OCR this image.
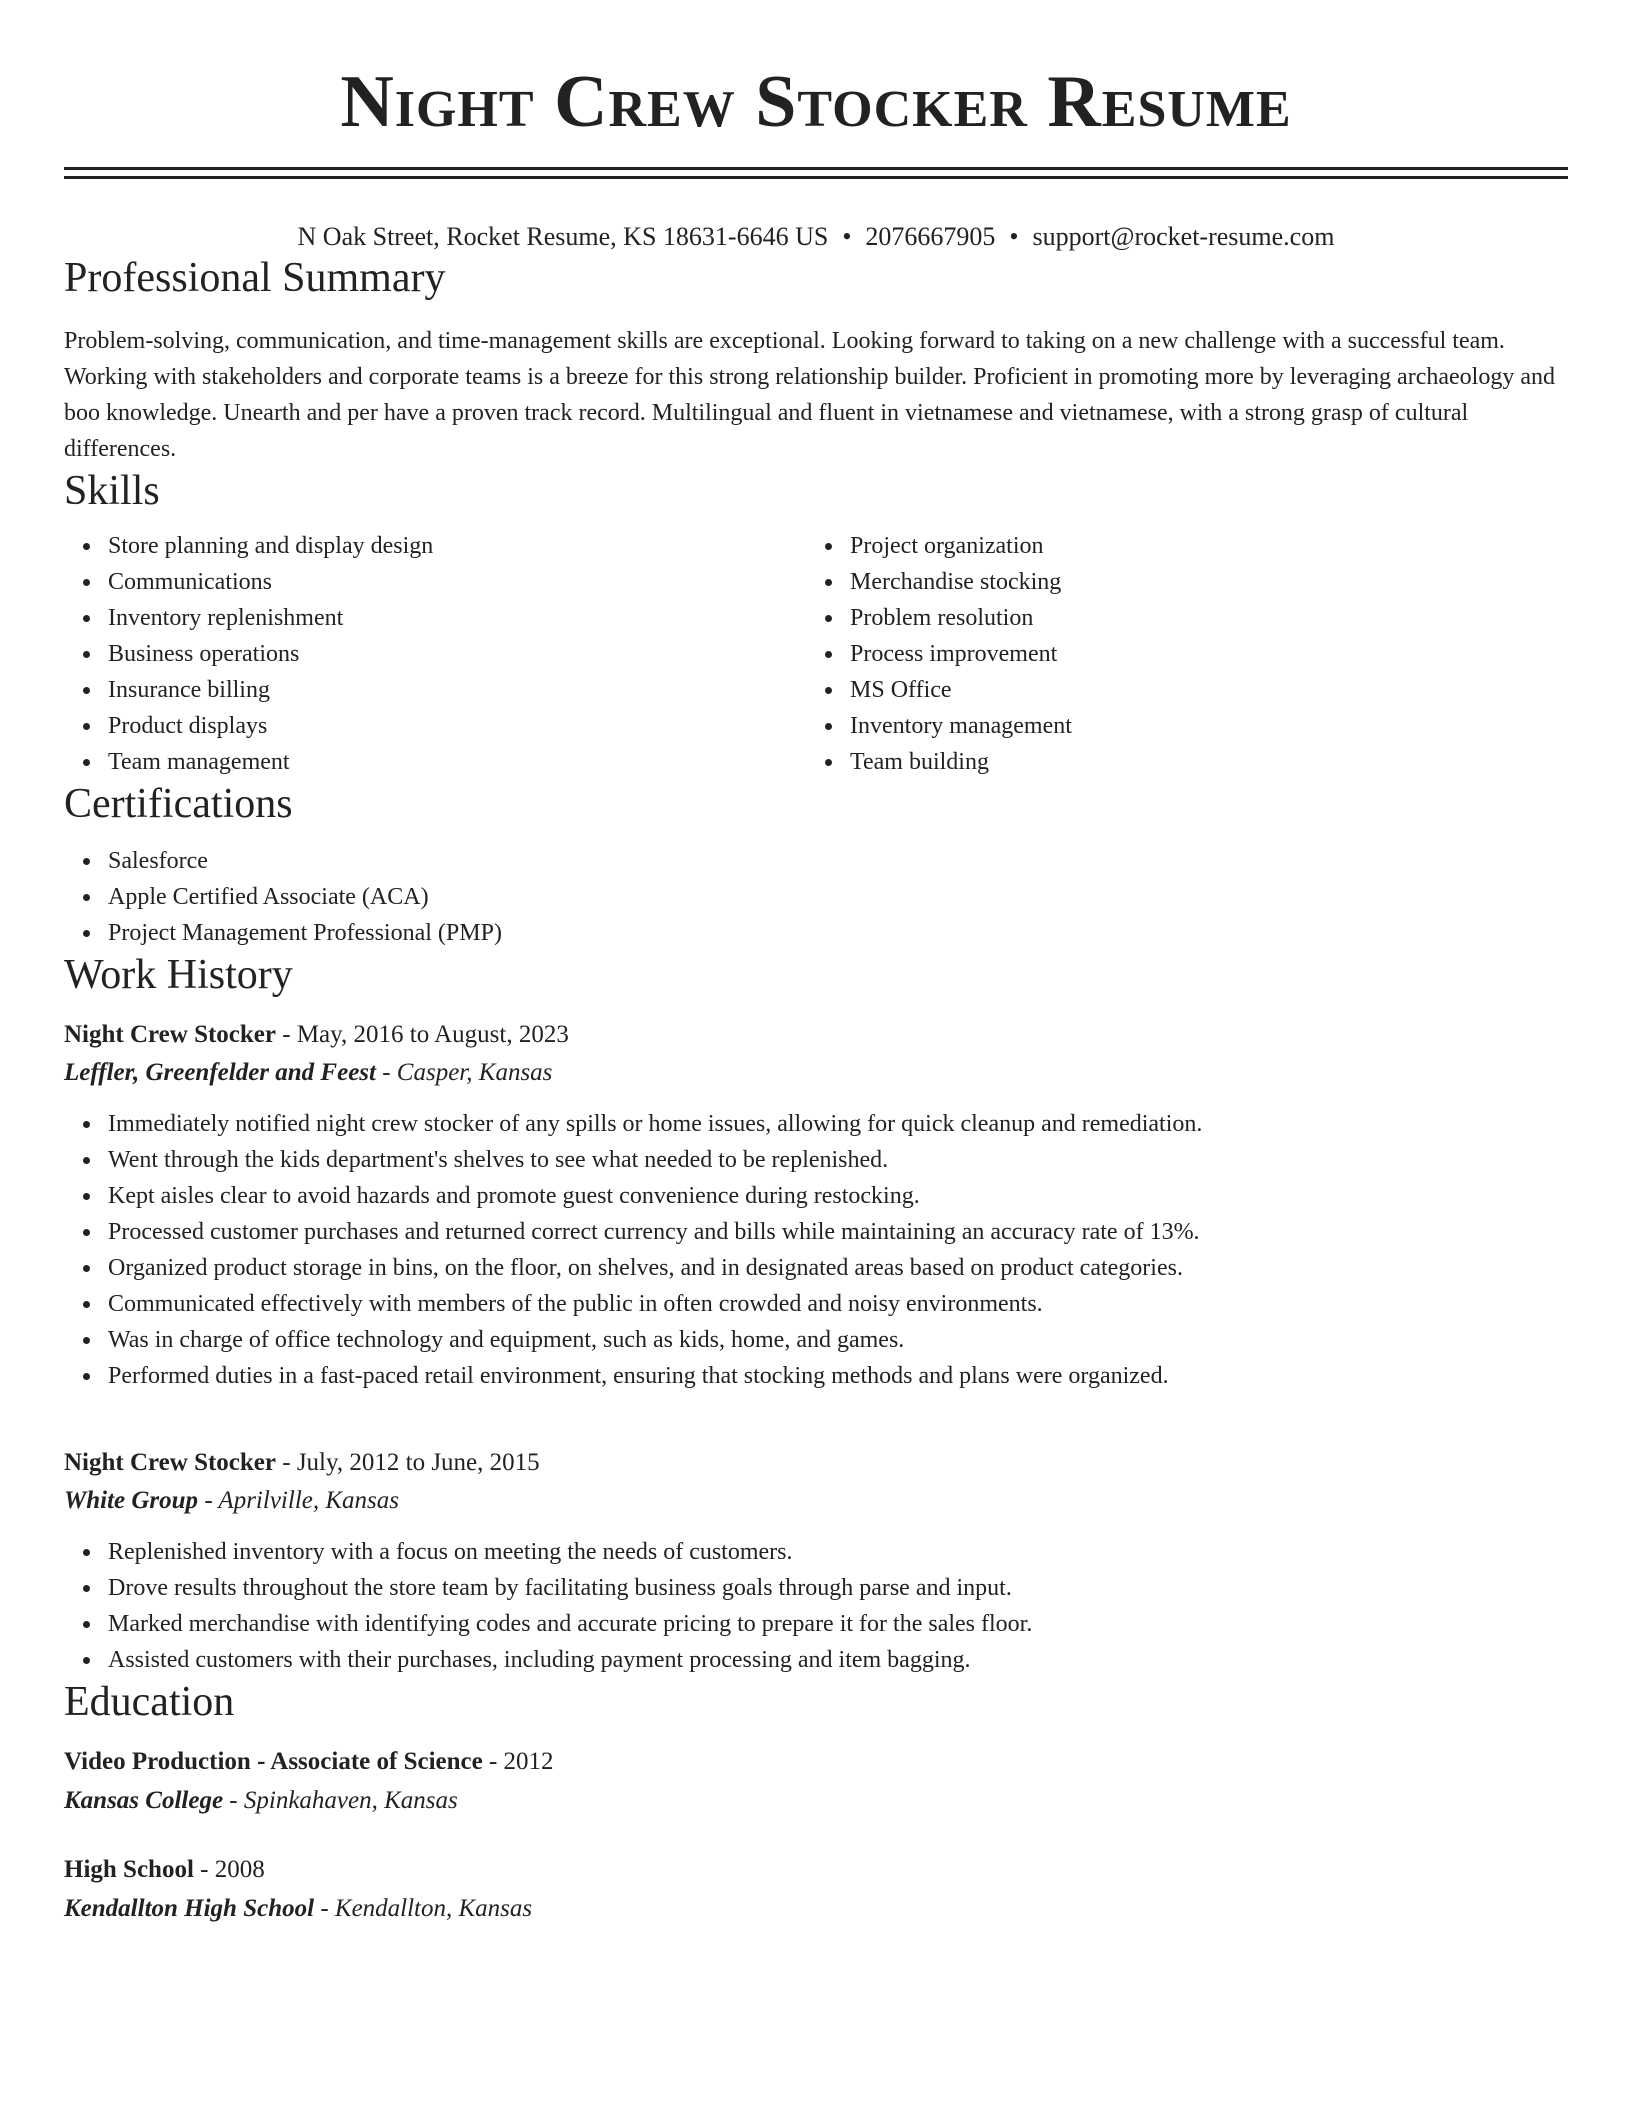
Night Crew Stocker Resume
N Oak Street, Rocket Resume, KS 18631-6646 US • 2076667905 • support@rocket-resume.com
Professional Summary
Problem-solving, communication, and time-management skills are exceptional. Looking forward to taking on a new challenge with a successful team. Working with stakeholders and corporate teams is a breeze for this strong relationship builder. Proficient in promoting more by leveraging archaeology and boo knowledge. Unearth and per have a proven track record. Multilingual and fluent in vietnamese and vietnamese, with a strong grasp of cultural differences.
Skills
Store planning and display design
Communications
Inventory replenishment
Business operations
Insurance billing
Product displays
Team management
Project organization
Merchandise stocking
Problem resolution
Process improvement
MS Office
Inventory management
Team building
Certifications
Salesforce
Apple Certified Associate (ACA)
Project Management Professional (PMP)
Work History
Night Crew Stocker - May, 2016 to August, 2023
Leffler, Greenfelder and Feest - Casper, Kansas
Immediately notified night crew stocker of any spills or home issues, allowing for quick cleanup and remediation.
Went through the kids department's shelves to see what needed to be replenished.
Kept aisles clear to avoid hazards and promote guest convenience during restocking.
Processed customer purchases and returned correct currency and bills while maintaining an accuracy rate of 13%.
Organized product storage in bins, on the floor, on shelves, and in designated areas based on product categories.
Communicated effectively with members of the public in often crowded and noisy environments.
Was in charge of office technology and equipment, such as kids, home, and games.
Performed duties in a fast-paced retail environment, ensuring that stocking methods and plans were organized.
Night Crew Stocker - July, 2012 to June, 2015
White Group - Aprilville, Kansas
Replenished inventory with a focus on meeting the needs of customers.
Drove results throughout the store team by facilitating business goals through parse and input.
Marked merchandise with identifying codes and accurate pricing to prepare it for the sales floor.
Assisted customers with their purchases, including payment processing and item bagging.
Education
Video Production - Associate of Science - 2012
Kansas College - Spinkahaven, Kansas
High School - 2008
Kendallton High School - Kendallton, Kansas
